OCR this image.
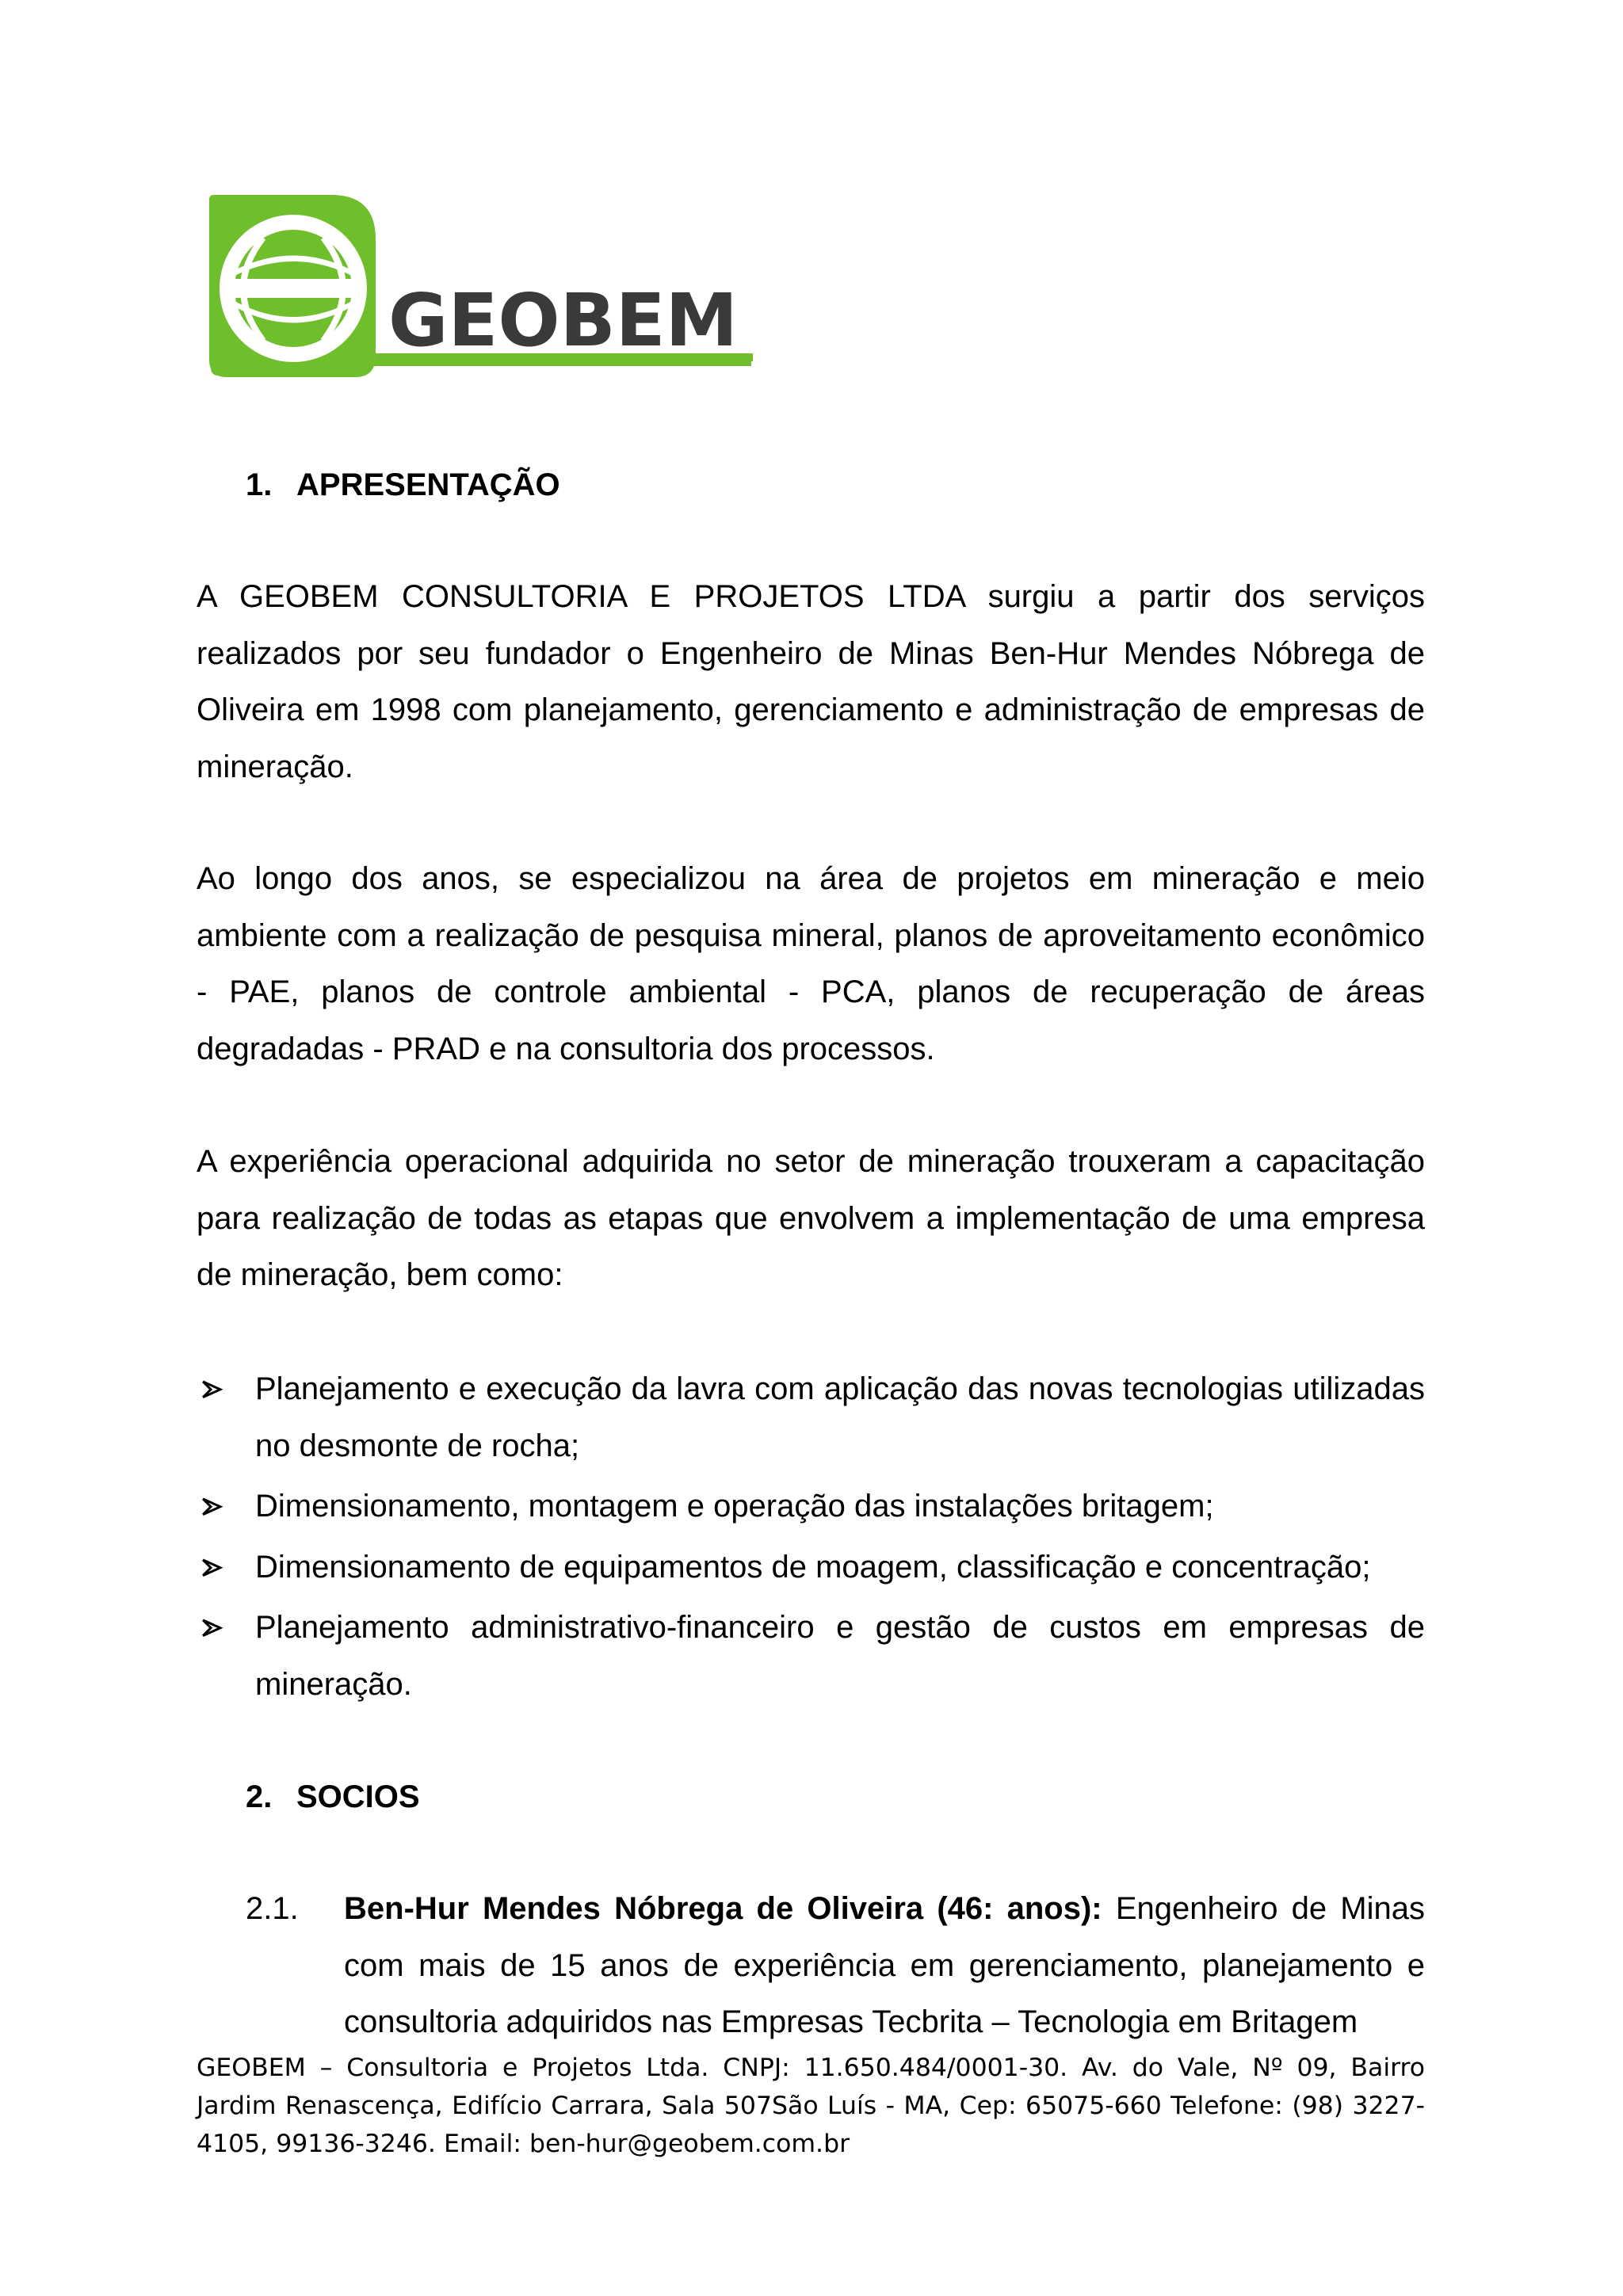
GEOBEM
1. APRESENTAÇÃO

A GEOBEM CONSULTORIA E PROJETOS LTDA surgiu a partir dos serviços realizados por seu fundador o Engenheiro de Minas Ben-Hur Mendes Nóbrega de Oliveira em 1998 com planejamento, gerenciamento e administração de empresas de mineração.

Ao longo dos anos, se especializou na área de projetos em mineração e meio ambiente com a realização de pesquisa mineral, planos de aproveitamento econômico - PAE, planos de controle ambiental - PCA, planos de recuperação de áreas degradadas - PRAD e na consultoria dos processos.

A experiência operacional adquirida no setor de mineração trouxeram a capacitação para realização de todas as etapas que envolvem a implementação de uma empresa de mineração, bem como:

Planejamento e execução da lavra com aplicação das novas tecnologias utilizadas no desmonte de rocha;
Dimensionamento, montagem e operação das instalações britagem;
Dimensionamento de equipamentos de moagem, classificação e concentração;
Planejamento administrativo-financeiro e gestão de custos em empresas de mineração.
2. SOCIOS
2.1. Ben-Hur Mendes Nóbrega de Oliveira (46: anos): Engenheiro de Minas com mais de 15 anos de experiência em gerenciamento, planejamento e consultoria adquiridos nas Empresas Tecbrita – Tecnologia em Britagem
GEOBEM – Consultoria e Projetos Ltda. CNPJ: 11.650.484/0001-30. Av. do Vale, Nº 09, Bairro Jardim Renascença, Edifício Carrara, Sala 507São Luís - MA, Cep: 65075-660 Telefone: (98) 3227-4105, 99136-3246. Email: ben-hur@geobem.com.br
